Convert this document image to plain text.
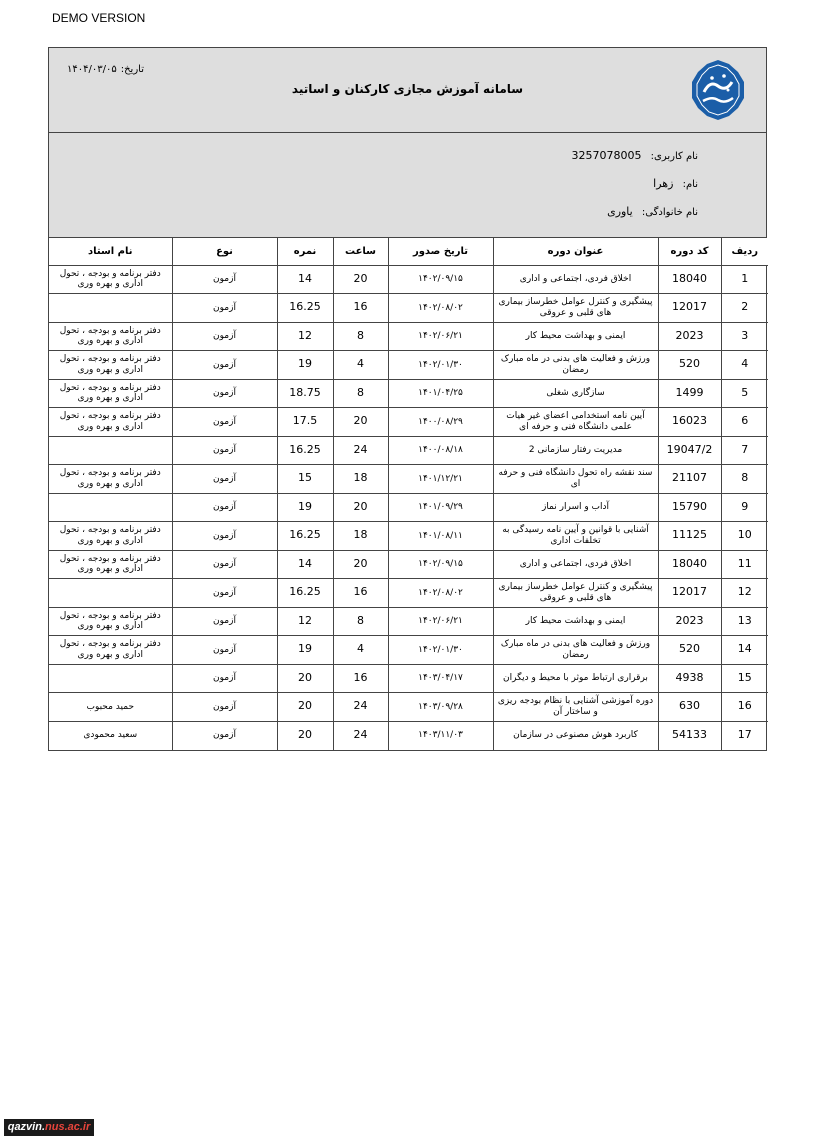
DEMO VERSION
تاریخ:۱۴۰۴/۰۳/۰۵
سامانه آموزش مجازی کارکنان و اساتید
نام کاربری: 3257078005
نام: زهرا
نام خانوادگی: یاوری
ردیف	کد دوره	عنوان دوره	تاریخ صدور	ساعت	نمره	نوع	نام استاد
1	18040	اخلاق فردی، اجتماعی و اداری	۱۴۰۲/۰۹/۱۵	20	14	آزمون	دفتر برنامه و بودجه ، تحول اداری و بهره وری
2	12017	پیشگیری و کنترل عوامل خطرساز بیماری های قلبی و عروقی	۱۴۰۲/۰۸/۰۲	16	16.25	آزمون	
3	2023	ایمنی و بهداشت محیط کار	۱۴۰۲/۰۶/۲۱	8	12	آزمون	دفتر برنامه و بودجه ، تحول اداری و بهره وری
4	520	ورزش و فعالیت های بدنی در ماه مبارک رمضان	۱۴۰۲/۰۱/۳۰	4	19	آزمون	دفتر برنامه و بودجه ، تحول اداری و بهره وری
5	1499	سازگاری شغلی	۱۴۰۱/۰۴/۲۵	8	18.75	آزمون	دفتر برنامه و بودجه ، تحول اداری و بهره وری
6	16023	آیین نامه استخدامی اعضای غیر هیات علمی دانشگاه فنی و حرفه ای	۱۴۰۰/۰۸/۲۹	20	17.5	آزمون	دفتر برنامه و بودجه ، تحول اداری و بهره وری
7	19047/2	مدیریت رفتار سازمانی 2	۱۴۰۰/۰۸/۱۸	24	16.25	آزمون	
8	21107	سند نقشه راه تحول دانشگاه فنی و حرفه ای	۱۴۰۱/۱۲/۲۱	18	15	آزمون	دفتر برنامه و بودجه ، تحول اداری و بهره وری
9	15790	آداب و اسرار نماز	۱۴۰۱/۰۹/۲۹	20	19	آزمون	
10	11125	آشنایی با قوانین و آیین نامه رسیدگی به تخلفات اداری	۱۴۰۱/۰۸/۱۱	18	16.25	آزمون	دفتر برنامه و بودجه ، تحول اداری و بهره وری
11	18040	اخلاق فردی، اجتماعی و اداری	۱۴۰۲/۰۹/۱۵	20	14	آزمون	دفتر برنامه و بودجه ، تحول اداری و بهره وری
12	12017	پیشگیری و کنترل عوامل خطرساز بیماری های قلبی و عروقی	۱۴۰۲/۰۸/۰۲	16	16.25	آزمون	
13	2023	ایمنی و بهداشت محیط کار	۱۴۰۲/۰۶/۲۱	8	12	آزمون	دفتر برنامه و بودجه ، تحول اداری و بهره وری
14	520	ورزش و فعالیت های بدنی در ماه مبارک رمضان	۱۴۰۲/۰۱/۳۰	4	19	آزمون	دفتر برنامه و بودجه ، تحول اداری و بهره وری
15	4938	برقراری ارتباط موثر با محیط و دیگران	۱۴۰۳/۰۴/۱۷	16	20	آزمون	
16	630	دوره آموزشی آشنایی با نظام بودجه ریزی و ساختار آن	۱۴۰۳/۰۹/۲۸	24	20	آزمون	حمید محبوب
17	54133	کاربرد هوش مصنوعی در سازمان	۱۴۰۳/۱۱/۰۳	24	20	آزمون	سعید محمودی
qazvin.nus.ac.ir
